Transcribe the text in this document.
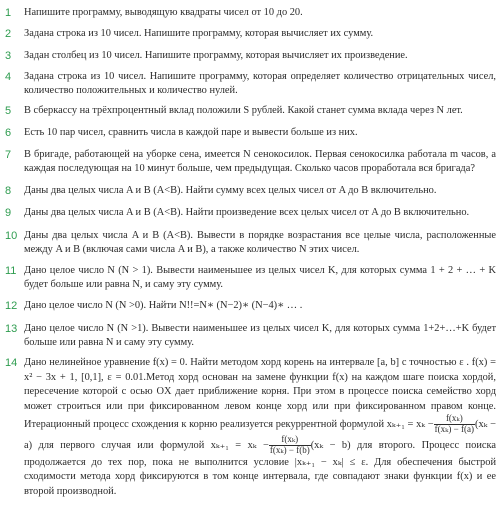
1	Напишите программу, выводящую квадраты чисел от 10 до 20.
2	Задана строка из 10 чисел. Напишите программу, которая вычисляет их сумму.
3	Задан столбец из 10 чисел. Напишите программу, которая вычисляет их произведение.
4	Задана строка из 10 чисел. Напишите программу, которая определяет количество отрицательных чисел, количество положительных и количество нулей.
5	В сберкассу на трёхпроцентный вклад положили S рублей. Какой станет сумма вклада через N лет.
6	Есть 10 пар чисел, сравнить числа в каждой паре и вывести больше из них.
7	В бригаде, работающей на уборке сена, имеется N сенокосилок. Первая сенокосилка работала m часов, а каждая последующая на 10 минут больше, чем предыдущая. Сколько часов проработала вся бригада?
8	Даны два целых числа A и B (A<B). Найти сумму всех целых чисел от A до B включительно.
9	Даны два целых числа A и B (A<B). Найти произведение всех целых чисел от A до B включительно.
10 Даны два целых числа A и B (A<B). Вывести в порядке возрастания все целые числа, расположенные между A и B (включая сами числа A и B), а также количество N этих чисел.
11 Дано целое число N (N > 1). Вывести наименьшее из целых чисел K, для которых сумма 1 + 2 + … + K будет больше или равна N, и саму эту сумму.
12 Дано целое число N (N >0). Найти N!!=N∗ (N−2)∗ (N−4)∗ … .
13 Дано целое число N (N >1). Вывести наименьшее из целых чисел K, для которых сумма 1+2+…+K будет больше или равна N и саму эту сумму.
14 Дано нелинейное уравнение f(x) = 0. Найти методом хорд корень на интервале [a, b] с точностью ε . f(x) = x² − 3x + 1, [0,1], ε = 0.01.Метод хорд основан на замене функции f(x) на каждом шаге поиска хордой, пересечение которой с осью OX дает приближение корня. При этом в процессе поиска семейство хорд может строиться или при фиксированном левом конце хорд или при фиксированном правом конце. Итерационный процесс схождения к корню реализуется рекуррентной формулой $x_{k+1} = x_k - \frac{\text{f(xₖ)}}{\text{f(xₖ) − f(a)}} (x_k - a)$ для первого случая или формулой $x_{k+1} = x_k - \frac{\text{f(xₖ)}}{\text{f(xₖ) − f(b)}} (x_k - b)$ для второго. Процесс поиска продолжается до тех пор, пока не выполнится условие |xₖ₊₁ − xₖ| ≤ ε. Для обеспечения быстрой сходимости метода хорд фиксируются в том конце интервала, где совпадают знаки функции f(x) и ее второй производной.
